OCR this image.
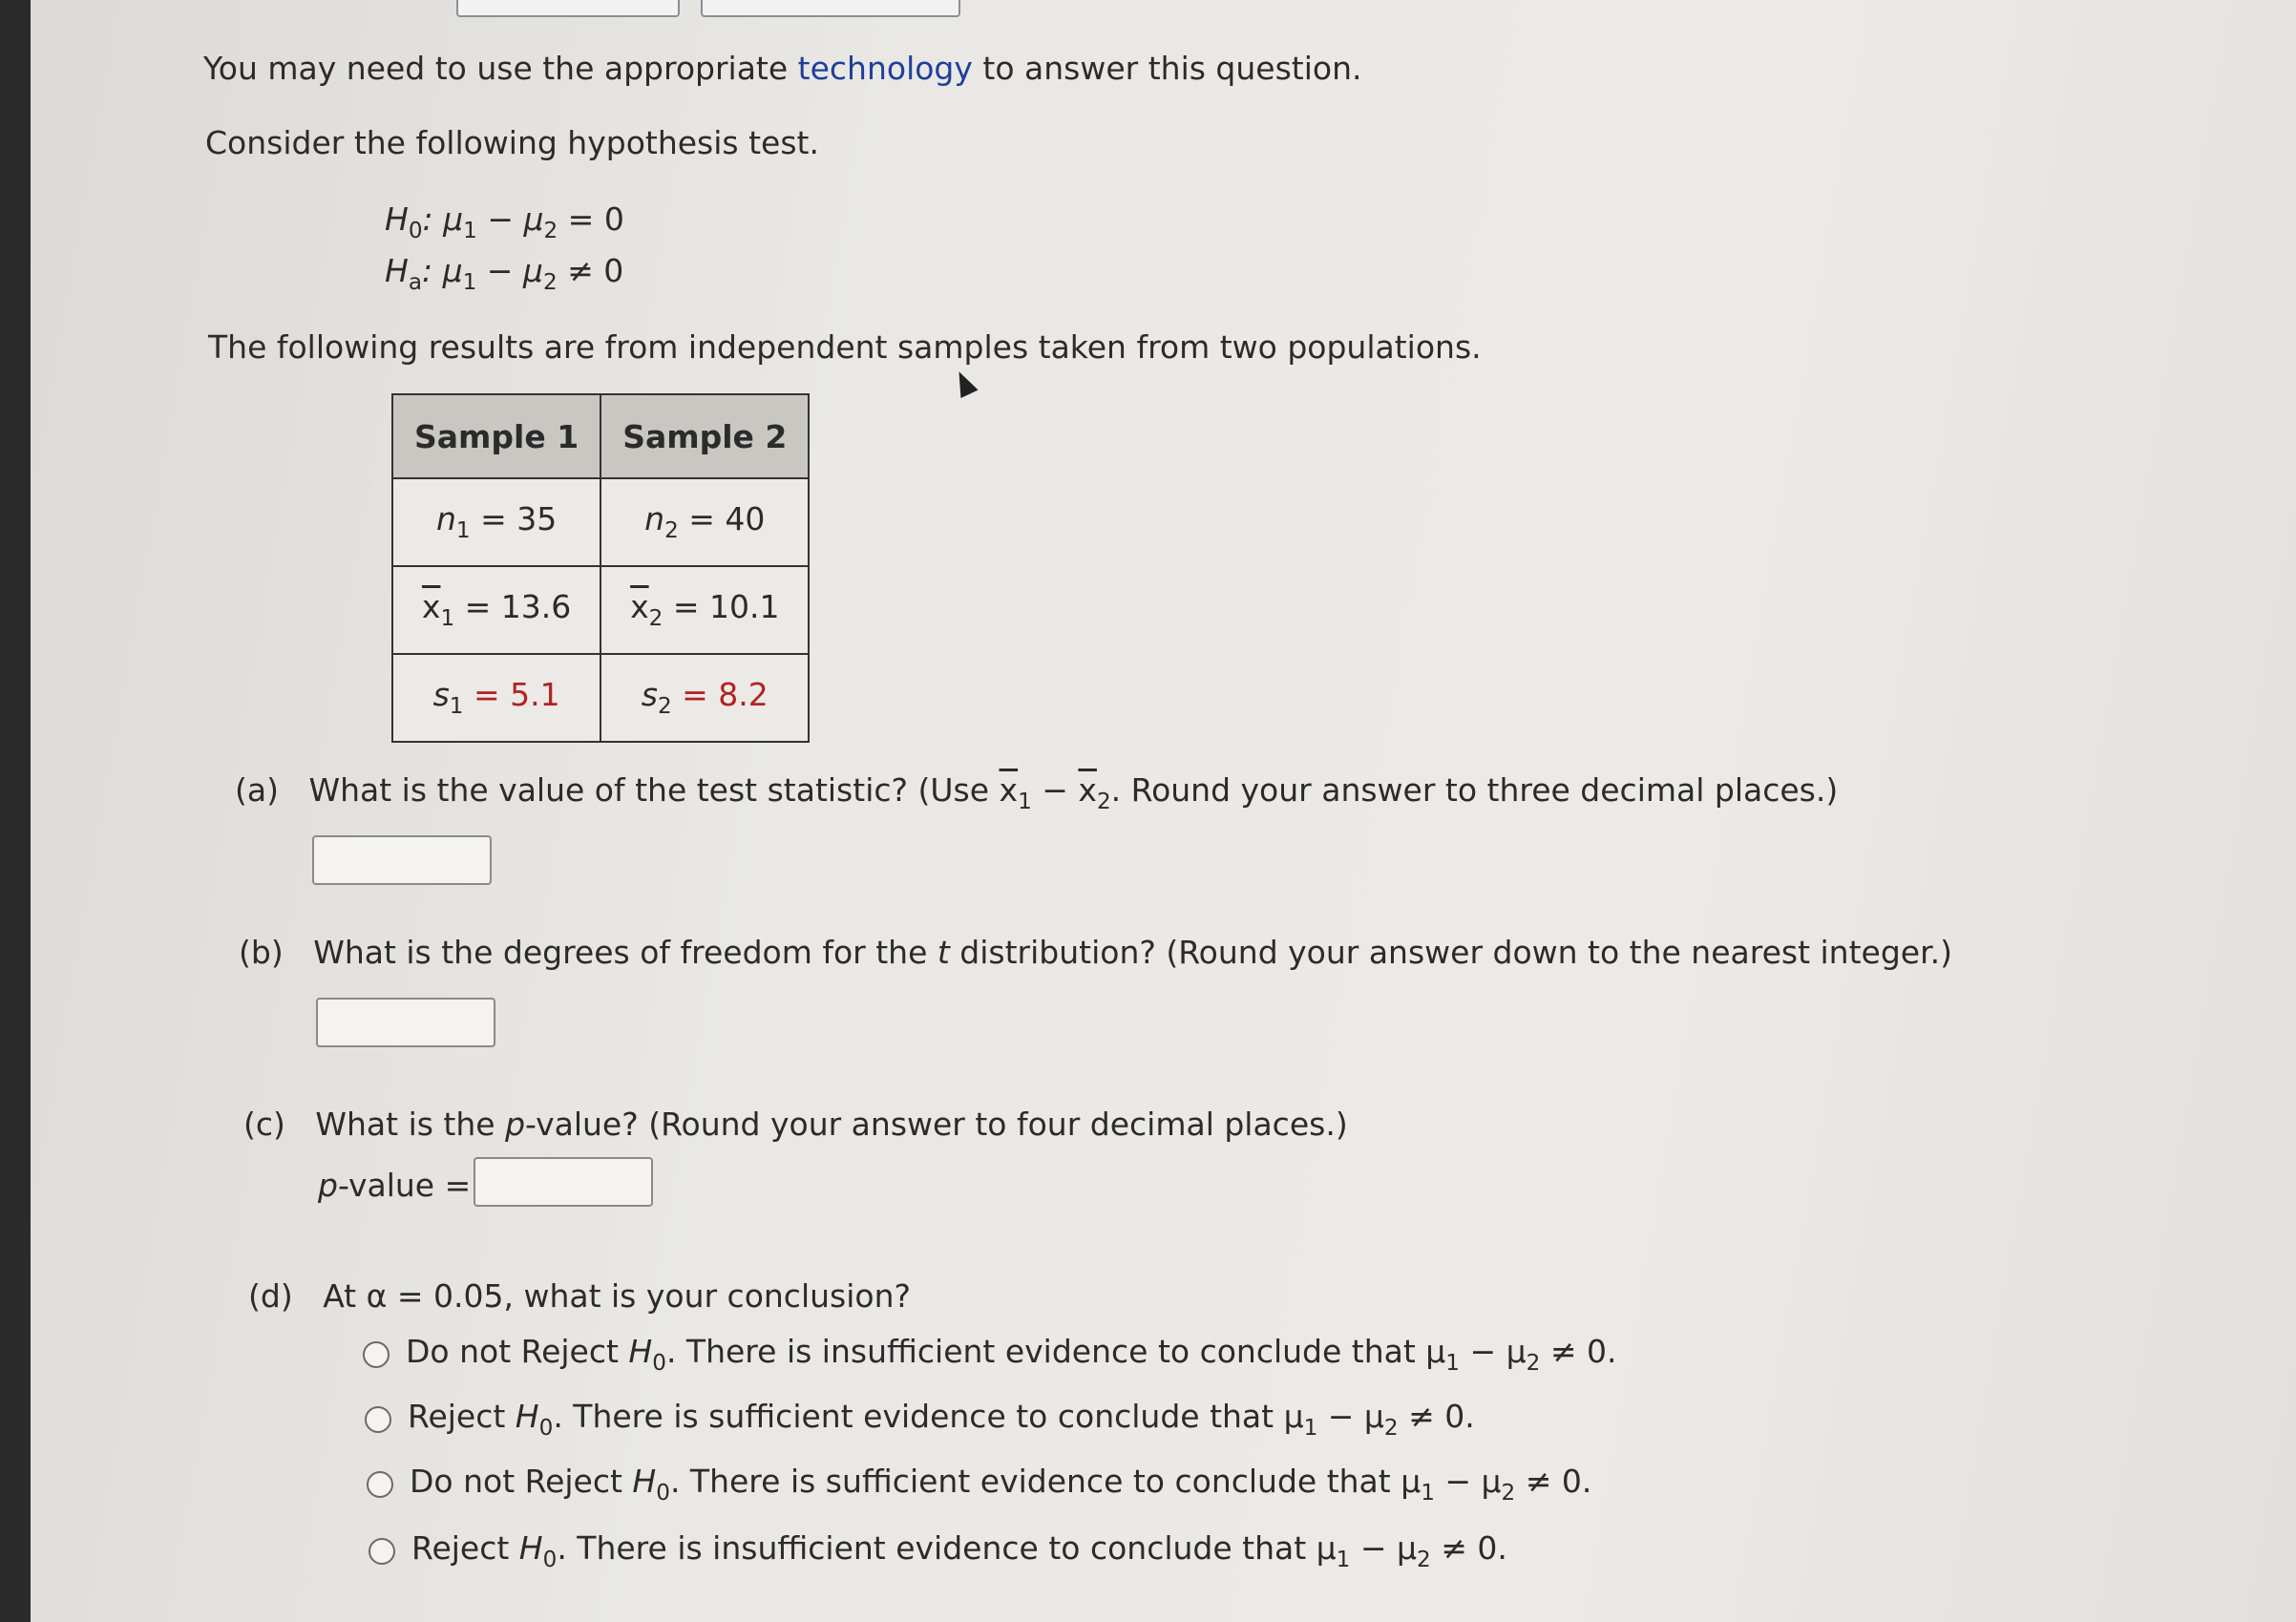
You may need to use the appropriate technology to answer this question.
Consider the following hypothesis test.
$H_0$: $\mu_1 - \mu_2 = 0$
$H_a$: $\mu_1 - \mu_2 \ne 0$
The following results are from independent samples taken from two populations.
Sample 1	Sample 2
$n_1 = 35$	$n_2 = 40$
$\overline{x}_1 = 13.6$	$\overline{x}_2 = 10.1$
$s_1 = 5.1$	$s_2 = 8.2$
(a) What is the value of the test statistic? (Use $\overline{x}_1 - \overline{x}_2$. Round your answer to three decimal places.)
(b) What is the degrees of freedom for the t distribution? (Round your answer down to the nearest integer.)
(c) What is the p-value? (Round your answer to four decimal places.)
p-value =
(d) At α = 0.05, what is your conclusion?
Do not Reject $H_0$. There is insufficient evidence to conclude that $\mu_1 - \mu_2 \ne 0$.
Reject $H_0$. There is sufficient evidence to conclude that $\mu_1 - \mu_2 \ne 0$.
Do not Reject $H_0$. There is sufficient evidence to conclude that $\mu_1 - \mu_2 \ne 0$.
Reject $H_0$. There is insufficient evidence to conclude that $\mu_1 - \mu_2 \ne 0$.
